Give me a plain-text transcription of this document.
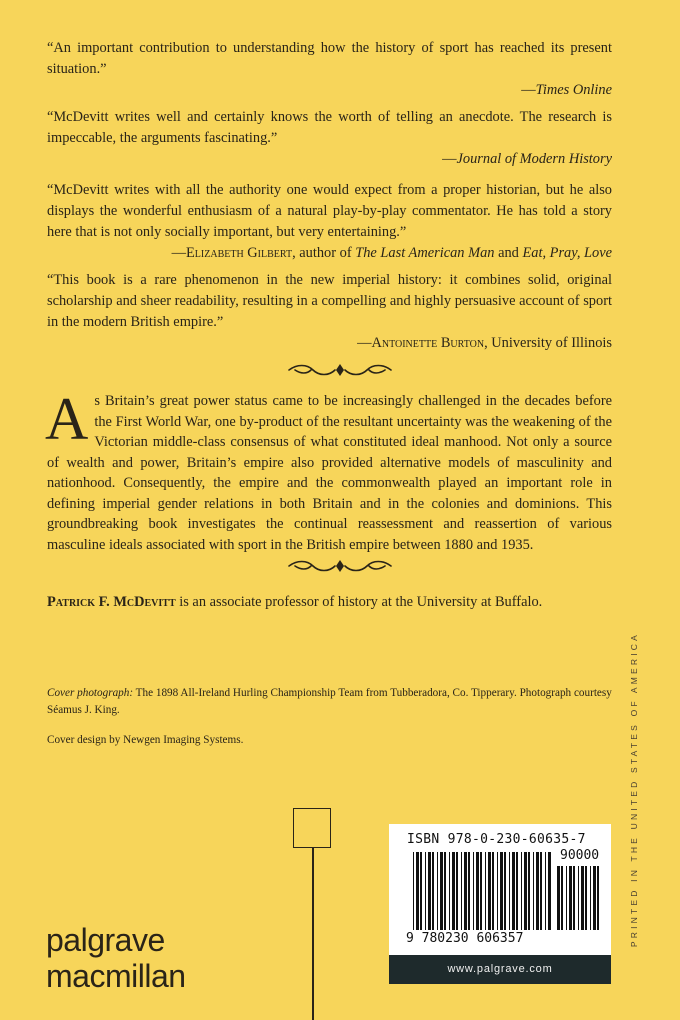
“An important contribution to understanding how the history of sport has reached its present situation.”

—Times Online

“McDevitt writes well and certainly knows the worth of telling an anecdote. The research is impeccable, the arguments fascinating.”

—Journal of Modern History

“McDevitt writes with all the authority one would expect from a proper historian, but he also displays the wonderful enthusiasm of a natural play-by-play commentator. He has told a story here that is not only socially important, but very entertaining.”

—Elizabeth Gilbert, author of The Last American Man and Eat, Pray, Love

“This book is a rare phenomenon in the new imperial history: it combines solid, original scholarship and sheer readability, resulting in a compelling and highly persuasive account of sport in the modern British empire.”

—Antoinette Burton, University of Illinois
As Britain’s great power status came to be increasingly challenged in the decades before the First World War, one by-product of the resultant uncertainty was the weakening of the Victorian middle-class consensus of what constituted ideal manhood. Not only a source of wealth and power, Britain’s empire also provided alternative models of masculinity and nationhood. Consequently, the empire and the commonwealth played an important role in defining imperial gender relations in both Britain and in the colonies and dominions. This groundbreaking book investigates the continual reassessment and reassertion of various masculine ideals associated with sport in the British empire between 1880 and 1935.
Patrick F. McDevitt is an associate professor of history at the University at Buffalo.
Cover photograph: The 1898 All-Ireland Hurling Championship Team from Tubberadora, Co. Tipperary. Photograph courtesy Séamus J. King.
Cover design by Newgen Imaging Systems.	PRINTED IN THE UNITED STATES OF AMERICA
palgrave
macmillan
ISBN 978-0-230-60635-7
9 780230 606357
90000
www.palgrave.com
